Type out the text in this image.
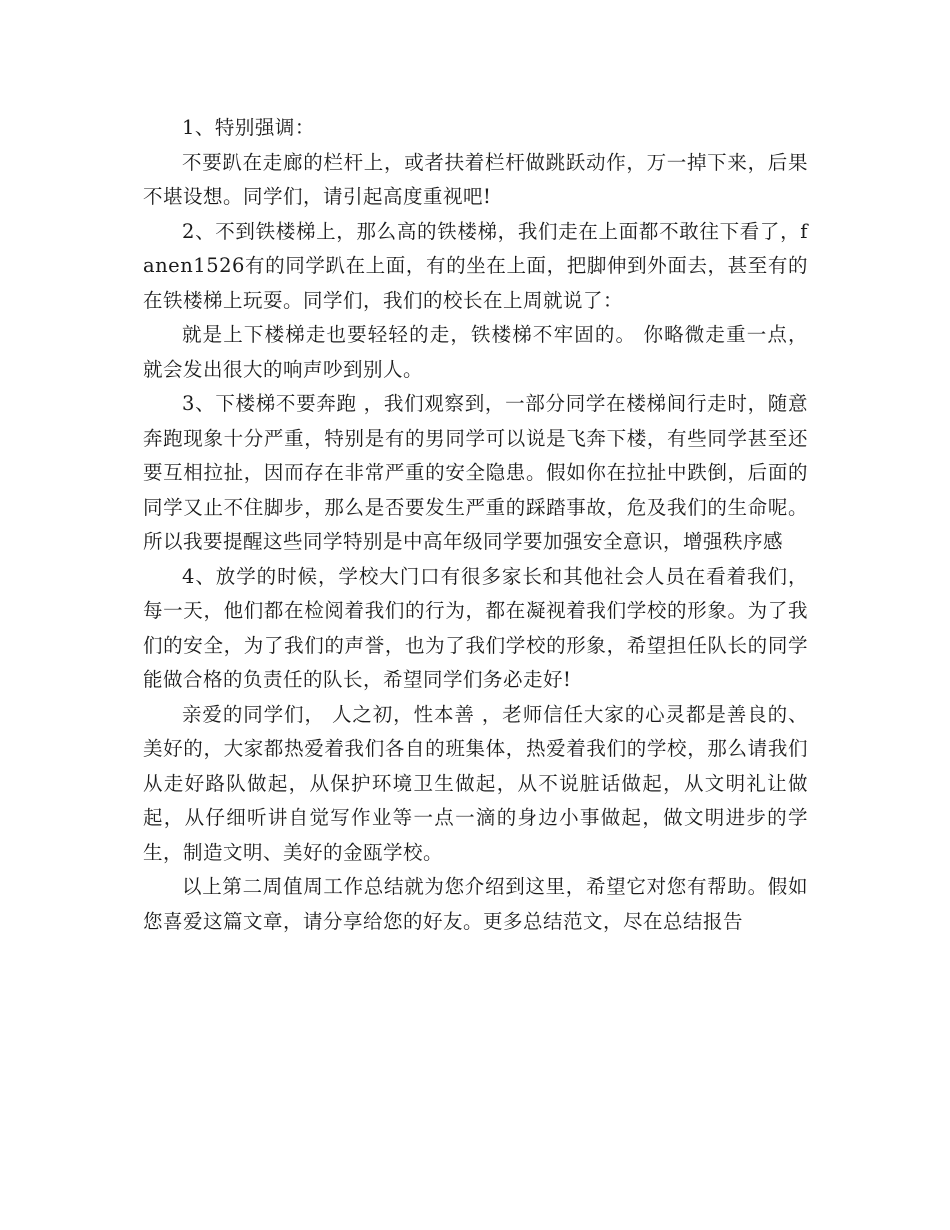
1、特别强调：

不要趴在走廊的栏杆上，或者扶着栏杆做跳跃动作，万一掉下来，后果不堪设想。同学们，请引起高度重视吧!

2、不到铁楼梯上，那么高的铁楼梯，我们走在上面都不敢往下看了，fanen1526有的同学趴在上面，有的坐在上面，把脚伸到外面去，甚至有的在铁楼梯上玩耍。同学们，我们的校长在上周就说了：

就是上下楼梯走也要轻轻的走，铁楼梯不牢固的。 你略微走重一点，就会发出很大的响声吵到别人。

3、下楼梯不要奔跑 ，我们观察到，一部分同学在楼梯间行走时，随意奔跑现象十分严重，特别是有的男同学可以说是飞奔下楼，有些同学甚至还要互相拉扯，因而存在非常严重的安全隐患。假如你在拉扯中跌倒，后面的同学又止不住脚步，那么是否要发生严重的踩踏事故，危及我们的生命呢。所以我要提醒这些同学特别是中高年级同学要加强安全意识，增强秩序感

4、放学的时候，学校大门口有很多家长和其他社会人员在看着我们，每一天，他们都在检阅着我们的行为，都在凝视着我们学校的形象。为了我们的安全，为了我们的声誉，也为了我们学校的形象，希望担任队长的同学能做合格的负责任的队长，希望同学们务必走好!

亲爱的同学们， 人之初，性本善 ，老师信任大家的心灵都是善良的、美好的，大家都热爱着我们各自的班集体，热爱着我们的学校，那么请我们从走好路队做起，从保护环境卫生做起，从不说脏话做起，从文明礼让做起，从仔细听讲自觉写作业等一点一滴的身边小事做起，做文明进步的学生，制造文明、美好的金瓯学校。

以上第二周值周工作总结就为您介绍到这里，希望它对您有帮助。假如您喜爱这篇文章，请分享给您的好友。更多总结范文，尽在总结报告
